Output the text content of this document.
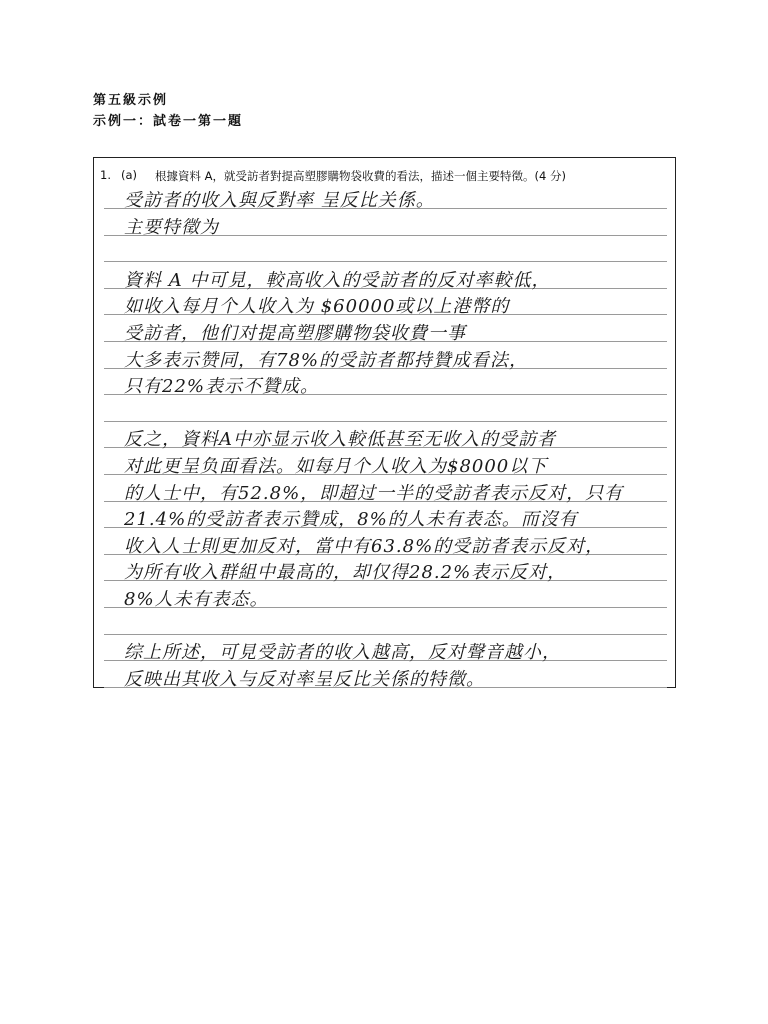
第五級示例
示例一：試卷一第一題
1. (a) 根據資料 A，就受訪者對提高塑膠購物袋收費的看法，描述一個主要特徵。(4 分)
受訪者的收入與反對率 呈反比关係。
主要特徵为
資料 A 中可見，較高收入的受訪者的反对率較低，
如收入每月个人收入为 $60000或以上港幣的
受訪者，他们对提高塑膠購物袋收費一事
大多表示赞同，有78%的受訪者都持贊成看法，
只有22%表示不贊成。
反之，資料A中亦显示收入較低甚至无收入的受訪者
对此更呈负面看法。如每月个人收入为$8000以下
的人士中，有52.8%，即超过一半的受訪者表示反对，只有
21.4%的受訪者表示贊成，8%的人未有表态。而沒有
收入人士則更加反对，當中有63.8%的受訪者表示反对，
为所有收入群組中最高的，却仅得28.2%表示反对，
8%人未有表态。
综上所述，可見受訪者的收入越高，反对聲音越小，
反映出其收入与反对率呈反比关係的特徵。
